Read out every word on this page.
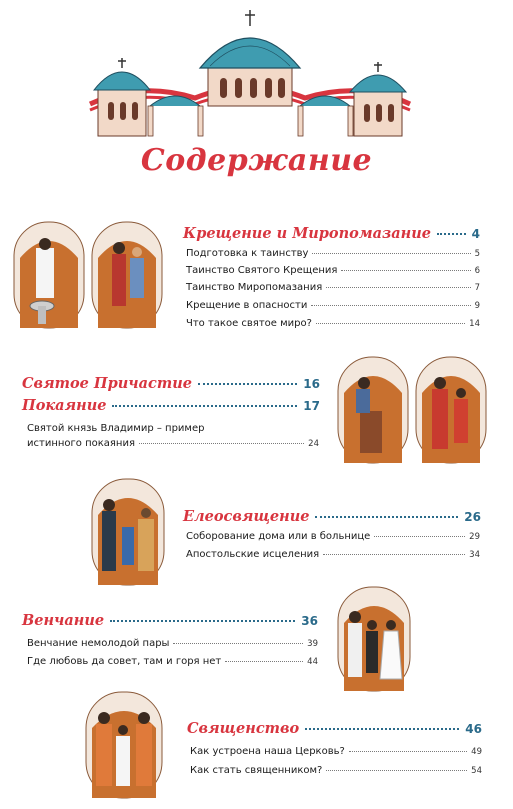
Содержание
Крещение и Миропомазание	4
Подготовка к таинству	5
Таинство Святого Крещения	6
Таинство Миропомазания	7
Крещение в опасности	9
Что такое святое миро?	14
Святое Причастие	16
Покаяние	17
Святой князь Владимир – пример
истинного покаяния	24
Елеосвящение	26
Соборование дома или в больнице	29
Апостольские исцеления	34
Венчание	36
Венчание немолодой пары	39
Где любовь да совет, там и горя нет	44
Священство	46
Как устроена наша Церковь?	49
Как стать священником?	54
